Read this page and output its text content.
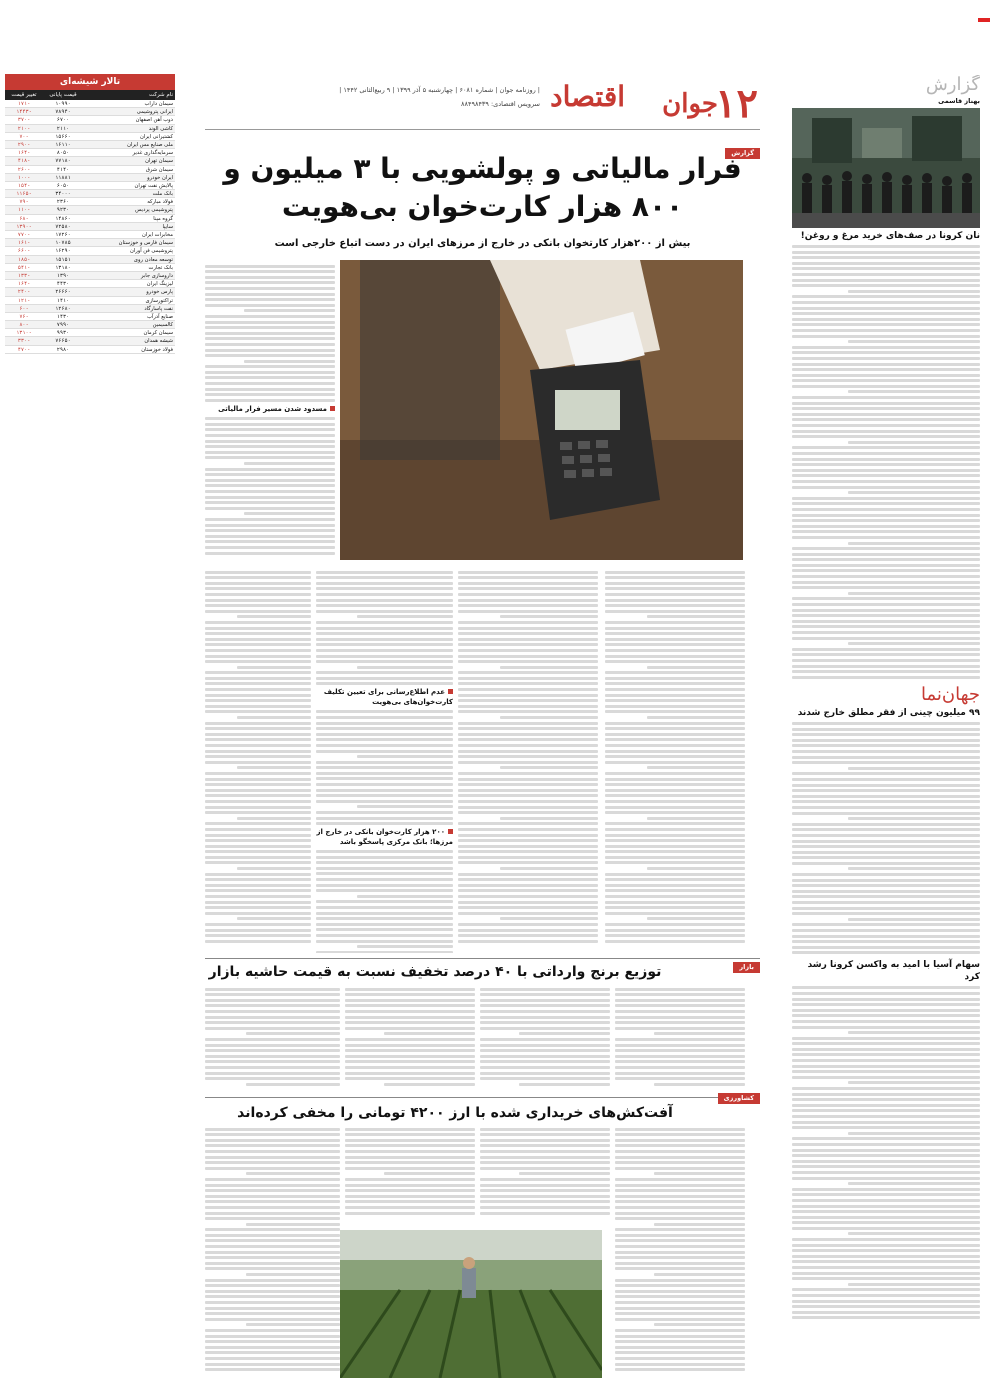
تالار شیشه‌ای
نام شرکت
قیمت پایانی
تغییر قیمت
سیمان داراب
۱۰۹۹۰
-۱۷۱
ایرانی پتروشیمی
۷۸۹۴۰
-۱۴۴۳
ذوب آهن اصفهان
۶۷۰۰
-۳۷۰
کاشی الوند
۲۱۱۰
-۲۱۰
کشتیرانی ایران
۱۵۶۶۰
-۷۰
ملی صنایع مس ایران
۱۶۱۱۰
-۲۹۰
سرمایه‌گذاری غدیر
۸۰۵۰
-۱۶۴
سیمان تهران
۷۷۱۸۰
-۴۱۸
سیمان شرق
۴۱۴۰
-۲۶۰
ایران خودرو
۱۱۸۸۱
-۱۰۰
پالایش نفت تهران
۶۰۵۰
-۱۵۴
بانک ملت
۳۴۰۰۰
-۱۱۶۵
فولاد مبارکه
۲۳۶۰
-۷۹
پتروشیمی پردیس
۹۲۳۰
-۱۱۰
گروه مپنا
۱۴۸۶۰
-۶۸
سایپا
۷۲۵۸۰
-۱۳۹۰
مخابرات ایران
۱۷۲۶۰
-۷۷۰
سیمان فارس و خوزستان
۱۰۷۸۵
-۱۶۱
پتروشیمی فن آوران
۱۶۲۹۰
-۶۶۰
توسعه معادن روی
۱۵۱۵۱
-۱۸۵
بانک تجارت
۱۳۱۸۰
-۵۴۱
داروسازی جابر
۱۳۹۰
-۱۳۳
لیزینگ ایران
۴۴۳۰
-۱۶۴
پارس خودرو
۲۶۶۶۰
-۲۴۰
تراکتورسازی
۱۴۱۰
-۱۲۱
نفت پاسارگاد
۱۲۶۸۰
-۶۰
صنایع آذرآب
۱۴۳۰
-۷۶
کالسیمین
۷۹۹۰
-۸۰
سیمان کرمان
۹۹۳۰
-۱۳۱۰
شیشه همدان
۷۶۶۵۰
-۳۳۰
فولاد خوزستان
۲۹۸۰
-۴۷۰
گزارش
بهناز قاسمی
نان کرونا در صف‌های خرید مرغ و روغن!
جهان‌نما
۹۹ میلیون چینی از فقر مطلق خارج شدند
سهام آسیا با امید به واکسن کرونا رشد کرد
۱۲
جوان
اقتصاد
| روزنامه جوان | شماره ۶۰۸۱ | چهارشنبه ۵ آذر ۱۳۹۹ | ۹ ربیع‌الثانی ۱۴۴۲ |
سرویس اقتصادی: ۸۸۴۹۸۴۳۹
گزارش
فرار مالیاتی و پولشویی با ۳ میلیون و ۸۰۰ هزار کارت‌خوان بی‌هویت
بیش از ۲۰۰هزار کارتخوان بانکی در خارج از مرزهای ایران در دست اتباع خارجی است
مسدود شدن مسیر فرار مالیاتی
عدم اطلاع‌رسانی برای تعیین تکلیف کارت‌خوان‌های بی‌هویت
۲۰۰ هزار کارت‌خوان بانکی در خارج از مرزها؛ بانک مرکزی پاسخگو باشد
بازار
توزیع برنج وارداتی با ۴۰ درصد تخفیف نسبت به قیمت حاشیه بازار
کشاورزی
آفت‌کش‌های خریداری شده با ارز ۴۲۰۰ تومانی را مخفی کرده‌اند
